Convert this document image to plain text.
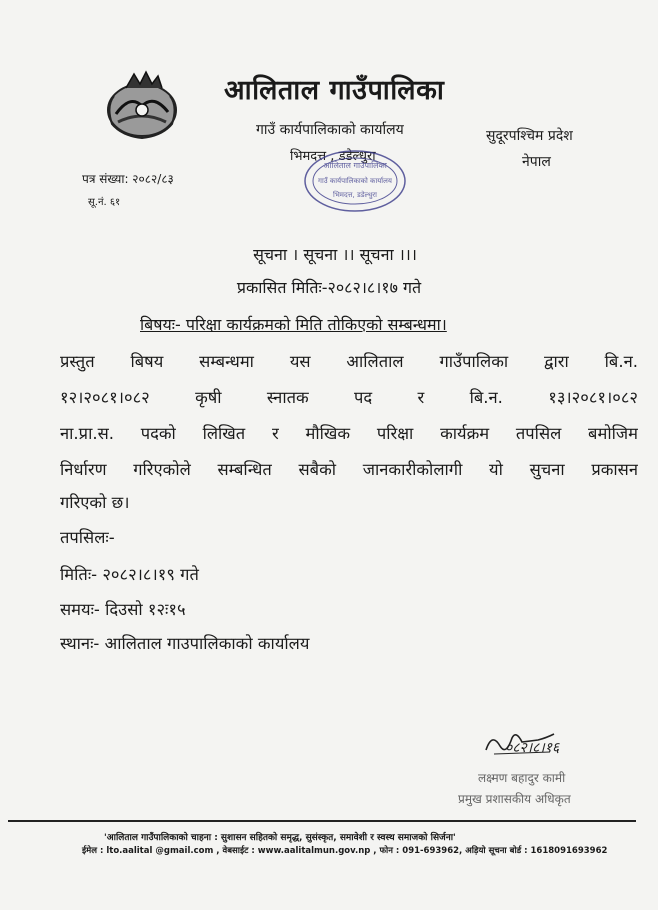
आलिताल गाउँपालिका
गाउँ कार्यपालिकाको कार्यालय
भिमदत्त , डडेल्धुरा
सुदूरपश्चिम प्रदेश
नेपाल
पत्र संख्या: २०८२/८३
सू.नं. ६१
आलिताल गाउँपालिका
गाउँ कार्यपालिकाको कार्यालय
भिमदत्त, डडेल्धुरा
सूचना । सूचना ।। सूचना ।।।
प्रकासित मितिः-२०८२।८।१७ गते
बिषयः- परिक्षा कार्यक्रमको मिति तोकिएको सम्बन्धमा।
प्रस्तुत बिषय सम्बन्धमा यस आलिताल गाउँपालिका द्वारा बि.न.
१२।२०८१।०८२ कृषी स्नातक पद र बि.न. १३।२०८१।०८२
ना.प्रा.स. पदको लिखित र मौखिक परिक्षा कार्यक्रम तपसिल बमोजिम
निर्धारण गरिएकोले सम्बन्धित सबैको जानकारीकोलागी यो सुचना प्रकासन
गरिएको छ।
तपसिलः-
मितिः- २०८२।८।१९ गते
समयः- दिउसो १२ः१५
स्थानः- आलिताल गाउपालिकाको कार्यालय
०८२।८।१६
लक्ष्मण बहादुर कामी
प्रमुख प्रशासकीय अधिकृत
'आलिताल गाउँपालिकाको चाहना : सुशासन सहितको समृद्ध, सुसंस्कृत, समावेशी र स्वस्थ समाजको सिर्जना'
ईमेल : lto.aalital @gmail.com , वेबसाईट : www.aalitalmun.gov.np , फोन : 091-693962, अड़ियो सूचना बोर्ड : 1618091693962
